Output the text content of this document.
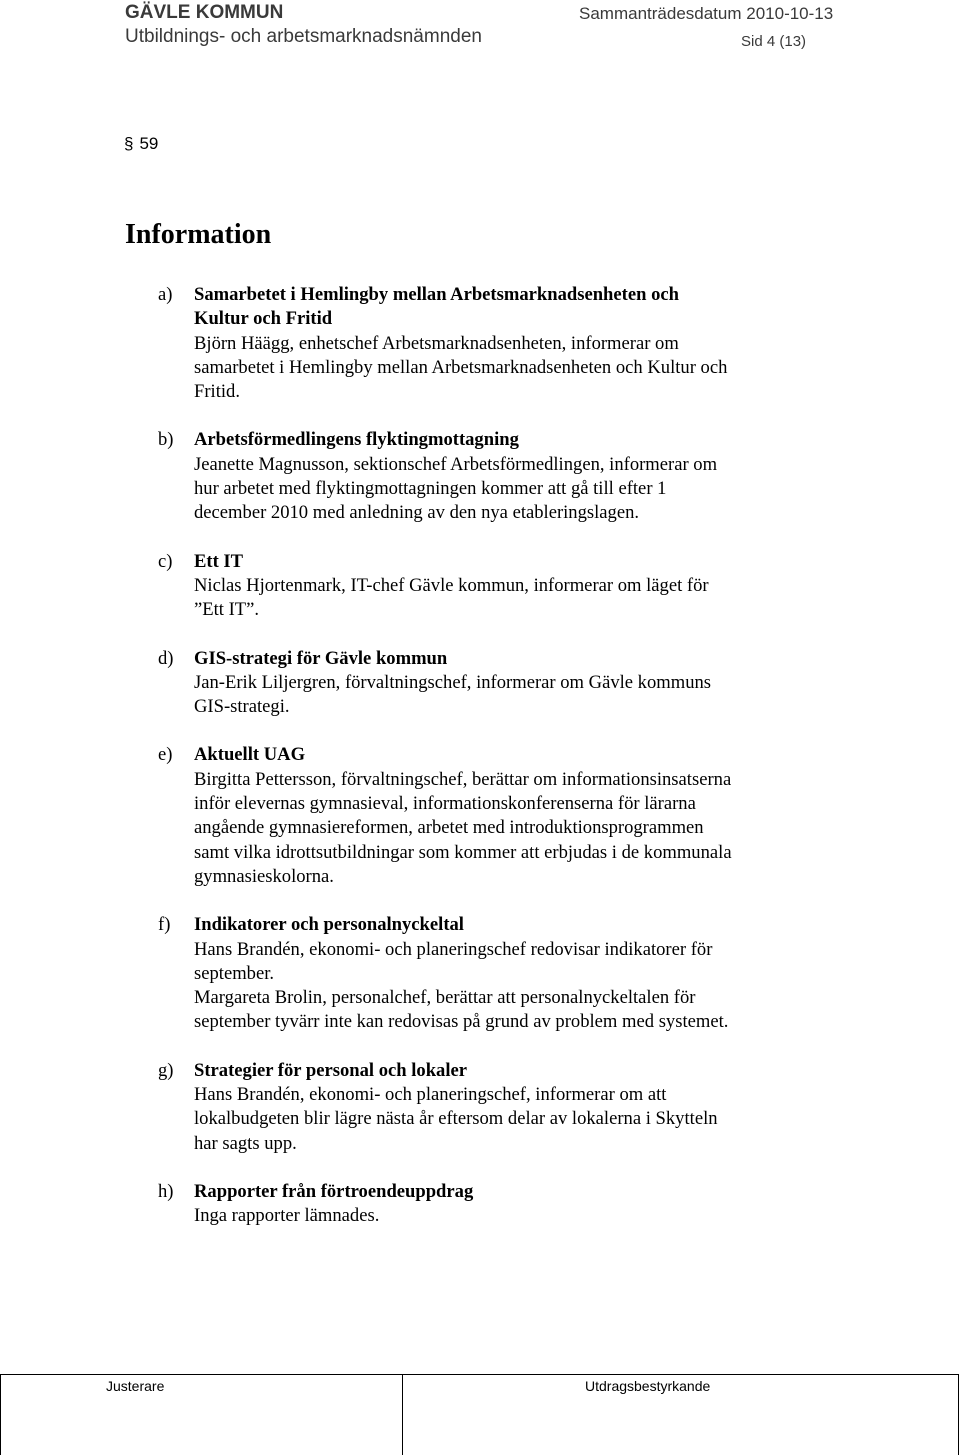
GÄVLE KOMMUN
Utbildnings- och arbetsmarknadsnämnden
Sammanträdesdatum 2010-10-13
Sid 4 (13)
§ 59
Information
a) Samarbetet i Hemlingby mellan Arbetsmarknadsenheten och
Kultur och Fritid
Björn Häägg, enhetschef Arbetsmarknadsenheten, informerar om
samarbetet i Hemlingby mellan Arbetsmarknadsenheten och Kultur och
Fritid.
b) Arbetsförmedlingens flyktingmottagning
Jeanette Magnusson, sektionschef Arbetsförmedlingen, informerar om
hur arbetet med flyktingmottagningen kommer att gå till efter 1
december 2010 med anledning av den nya etableringslagen.
c) Ett IT
Niclas Hjortenmark, IT-chef Gävle kommun, informerar om läget för
”Ett IT”.
d) GIS-strategi för Gävle kommun
Jan-Erik Liljergren, förvaltningschef, informerar om Gävle kommuns
GIS-strategi.
e) Aktuellt UAG
Birgitta Pettersson, förvaltningschef, berättar om informationsinsatserna
inför elevernas gymnasieval, informationskonferenserna för lärarna
angående gymnasiereformen, arbetet med introduktionsprogrammen
samt vilka idrottsutbildningar som kommer att erbjudas i de kommunala
gymnasieskolorna.
f) Indikatorer och personalnyckeltal
Hans Brandén, ekonomi- och planeringschef redovisar indikatorer för
september.
Margareta Brolin, personalchef, berättar att personalnyckeltalen för
september tyvärr inte kan redovisas på grund av problem med systemet.
g) Strategier för personal och lokaler
Hans Brandén, ekonomi- och planeringschef, informerar om att
lokalbudgeten blir lägre nästa år eftersom delar av lokalerna i Skytteln
har sagts upp.
h) Rapporter från förtroendeuppdrag
Inga rapporter lämnades.
Justerare	Utdragsbestyrkande
